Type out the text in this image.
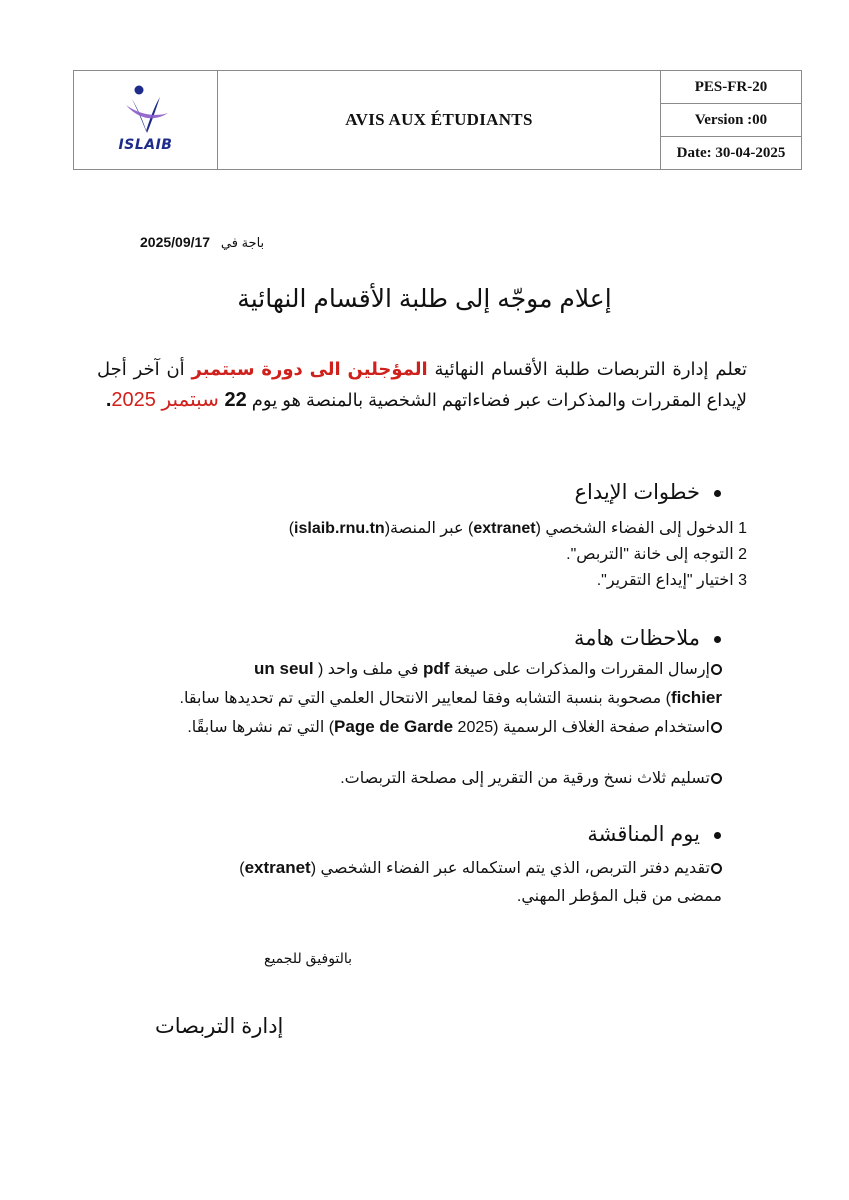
ISLAIB
	AVIS AUX ÉTUDIANTS	PES-FR-20
Version :00
Date: 30-04-2025
باجة في   2025/09/17
إعلام موجّه إلى طلبة الأقسام النهائية
تعلم إدارة التربصات طلبة الأقسام النهائية المؤجلين الى دورة سبتمبر أن آخر أجل لإيداع المقررات والمذكرات عبر فضاءاتهم الشخصية بالمنصة هو يوم 22 سبتمبر 2025.
خطوات الإيداع
1 الدخول إلى الفضاء الشخصي (extranet) عبر المنصة(islaib.rnu.tn)
2 التوجه إلى خانة "التربص".
3 اختيار "إيداع التقرير".
ملاحظات هامة
إرسال المقررات والمذكرات على صيغة pdf في ملف واحد ( un seul
fichier) مصحوبة بنسبة التشابه وفقا لمعايير الانتحال العلمي التي تم تحديدها سابقا.
استخدام صفحة الغلاف الرسمية (Page de Garde 2025) التي تم نشرها سابقًا.
تسليم ثلاث نسخ ورقية من التقرير إلى مصلحة التربصات.
يوم المناقشة
تقديم دفتر التربص، الذي يتم استكماله عبر الفضاء الشخصي (extranet)
ممضى من قبل المؤطر المهني.
بالتوفيق للجميع
إدارة التربصات
